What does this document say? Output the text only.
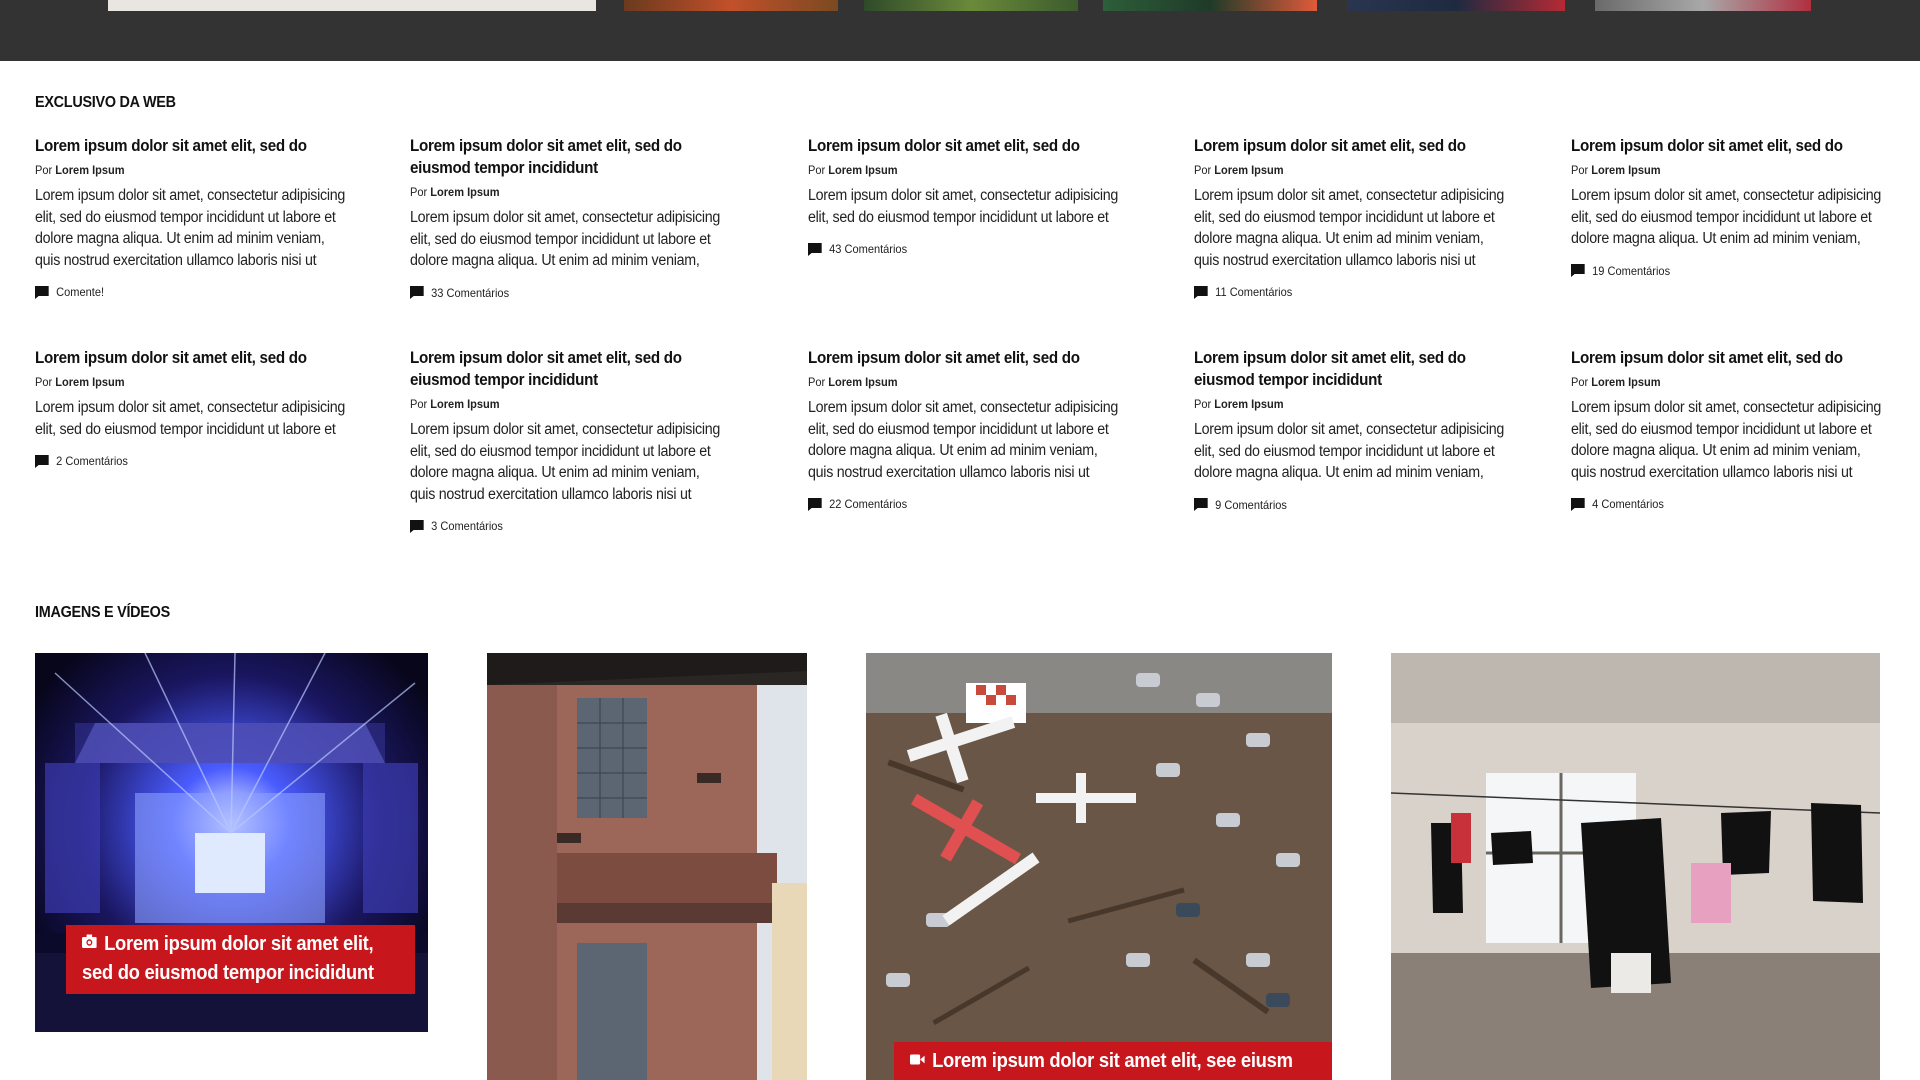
EXCLUSIVO DA WEB
Lorem ipsum dolor sit amet elit, sed do
Por Lorem Ipsum
Lorem ipsum dolor sit amet, consectetur adipisicing elit, sed do eiusmod tempor incididunt ut labore et dolore magna aliqua. Ut enim ad minim veniam, quis nostrud exercitation ullamco laboris nisi ut
Comente!
Lorem ipsum dolor sit amet elit, sed do eiusmod tempor incididunt
Por Lorem Ipsum
Lorem ipsum dolor sit amet, consectetur adipisicing elit, sed do eiusmod tempor incididunt ut labore et dolore magna aliqua. Ut enim ad minim veniam,
33 Comentários
Lorem ipsum dolor sit amet elit, sed do
Por Lorem Ipsum
Lorem ipsum dolor sit amet, consectetur adipisicing elit, sed do eiusmod tempor incididunt ut labore et
43 Comentários
Lorem ipsum dolor sit amet elit, sed do
Por Lorem Ipsum
Lorem ipsum dolor sit amet, consectetur adipisicing elit, sed do eiusmod tempor incididunt ut labore et dolore magna aliqua. Ut enim ad minim veniam, quis nostrud exercitation ullamco laboris nisi ut
11 Comentários
Lorem ipsum dolor sit amet elit, sed do
Por Lorem Ipsum
Lorem ipsum dolor sit amet, consectetur adipisicing elit, sed do eiusmod tempor incididunt ut labore et dolore magna aliqua. Ut enim ad minim veniam,
19 Comentários
Lorem ipsum dolor sit amet elit, sed do
Por Lorem Ipsum
Lorem ipsum dolor sit amet, consectetur adipisicing elit, sed do eiusmod tempor incididunt ut labore et
2 Comentários
Lorem ipsum dolor sit amet elit, sed do eiusmod tempor incididunt
Por Lorem Ipsum
Lorem ipsum dolor sit amet, consectetur adipisicing elit, sed do eiusmod tempor incididunt ut labore et dolore magna aliqua. Ut enim ad minim veniam, quis nostrud exercitation ullamco laboris nisi ut
3 Comentários
Lorem ipsum dolor sit amet elit, sed do
Por Lorem Ipsum
Lorem ipsum dolor sit amet, consectetur adipisicing elit, sed do eiusmod tempor incididunt ut labore et dolore magna aliqua. Ut enim ad minim veniam, quis nostrud exercitation ullamco laboris nisi ut
22 Comentários
Lorem ipsum dolor sit amet elit, sed do eiusmod tempor incididunt
Por Lorem Ipsum
Lorem ipsum dolor sit amet, consectetur adipisicing elit, sed do eiusmod tempor incididunt ut labore et dolore magna aliqua. Ut enim ad minim veniam,
9 Comentários
Lorem ipsum dolor sit amet elit, sed do
Por Lorem Ipsum
Lorem ipsum dolor sit amet, consectetur adipisicing elit, sed do eiusmod tempor incididunt ut labore et dolore magna aliqua. Ut enim ad minim veniam, quis nostrud exercitation ullamco laboris nisi ut
4 Comentários
IMAGENS E VÍDEOS
Lorem ipsum dolor sit amet elit,
sed do eiusmod tempor incididunt
Lorem ipsum dolor sit amet elit, see eiusm
